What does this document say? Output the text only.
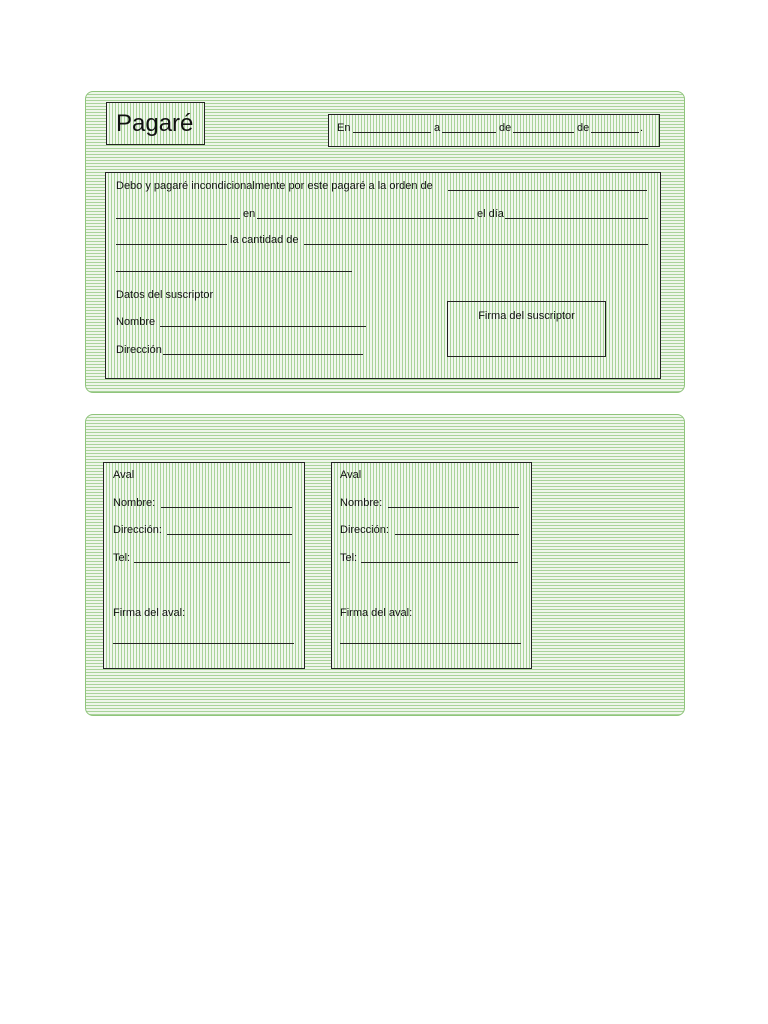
Pagaré	En	a	de	de	.
Debo y pagaré incondicionalmente por este pagaré a la orden de
en	el día
la cantidad de
Datos del suscriptor
Nombre
Dirección
Firma del suscriptor
Aval
Nombre:
Dirección:
Tel:
Firma del aval:
Aval
Nombre:
Dirección:
Tel:
Firma del aval:
